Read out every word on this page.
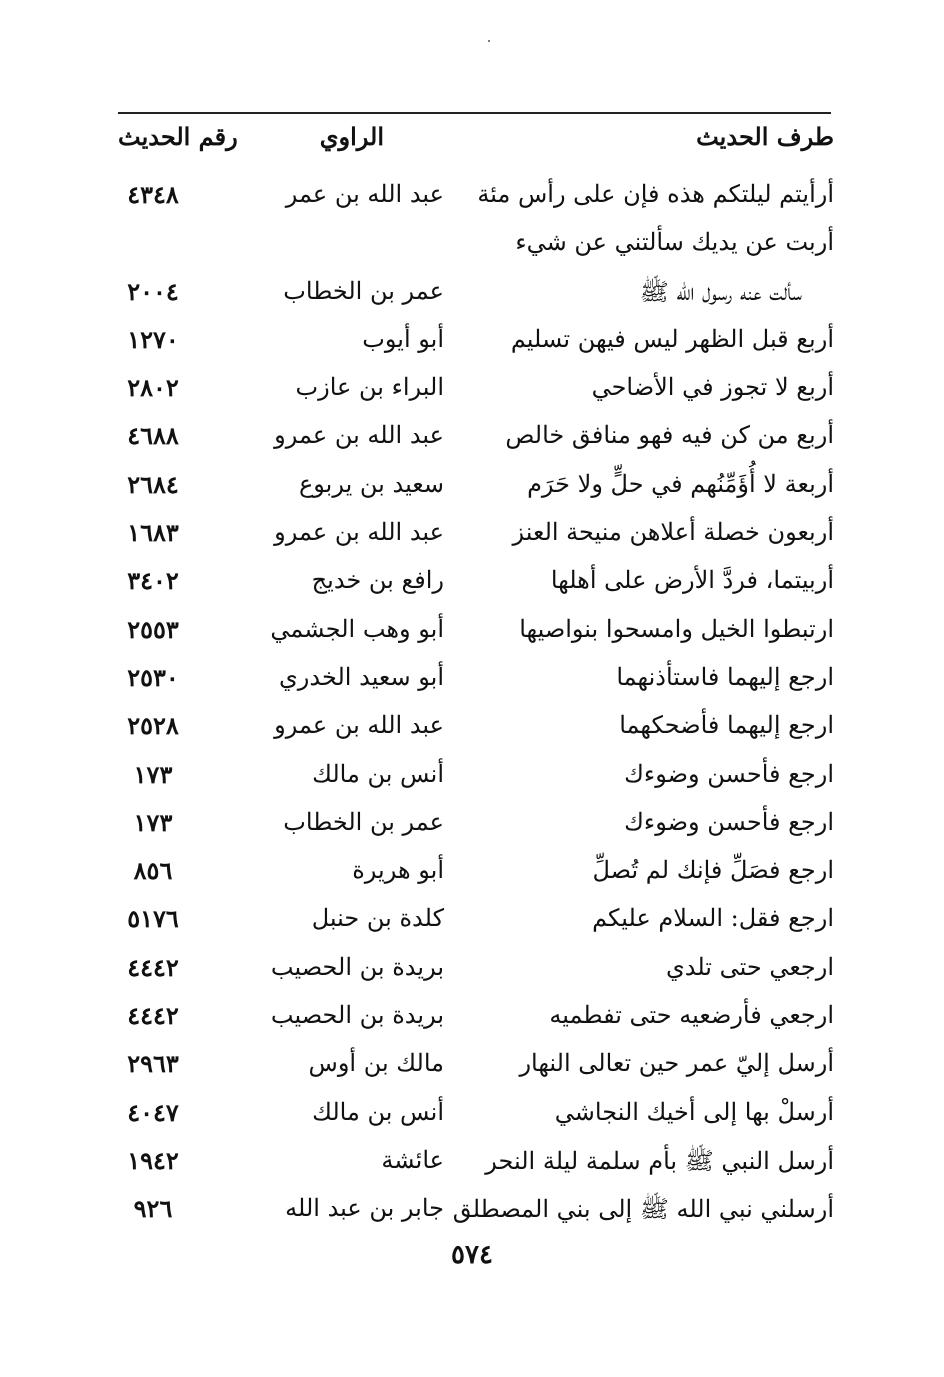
طرف الحديث
الراوي
رقم الحديث
أرأيتم ليلتكم هذه فإن على رأس مئة
عبد الله بن عمر
٤٣٤٨
أربت عن يديك سألتني عن شيء
سألت عنه رسول الله ﷺ
عمر بن الخطاب
٢٠٠٤
أربع قبل الظهر ليس فيهن تسليم
أبو أيوب
١٢٧٠
أربع لا تجوز في الأضاحي
البراء بن عازب
٢٨٠٢
أربع من كن فيه فهو منافق خالص
عبد الله بن عمرو
٤٦٨٨
أربعة لا أُؤَمِّنُهم في حلٍّ ولا حَرَم
سعيد بن يربوع
٢٦٨٤
أربعون خصلة أعلاهن منيحة العنز
عبد الله بن عمرو
١٦٨٣
أربيتما، فردَّ الأرض على أهلها
رافع بن خديج
٣٤٠٢
ارتبطوا الخيل وامسحوا بنواصيها
أبو وهب الجشمي
٢٥٥٣
ارجع إليهما فاستأذنهما
أبو سعيد الخدري
٢٥٣٠
ارجع إليهما فأضحكهما
عبد الله بن عمرو
٢٥٢٨
ارجع فأحسن وضوءك
أنس بن مالك
١٧٣
ارجع فأحسن وضوءك
عمر بن الخطاب
١٧٣
ارجع فصَلِّ فإنك لم تُصلِّ
أبو هريرة
٨٥٦
ارجع فقل: السلام عليكم
كلدة بن حنبل
٥١٧٦
ارجعي حتى تلدي
بريدة بن الحصيب
٤٤٤٢
ارجعي فأرضعيه حتى تفطميه
بريدة بن الحصيب
٤٤٤٢
أرسل إليّ عمر حين تعالى النهار
مالك بن أوس
٢٩٦٣
أرسلْ بها إلى أخيك النجاشي
أنس بن مالك
٤٠٤٧
أرسل النبي ﷺ بأم سلمة ليلة النحر
عائشة
١٩٤٢
أرسلني نبي الله ﷺ إلى بني المصطلق
جابر بن عبد الله
٩٢٦
٥٧٤
